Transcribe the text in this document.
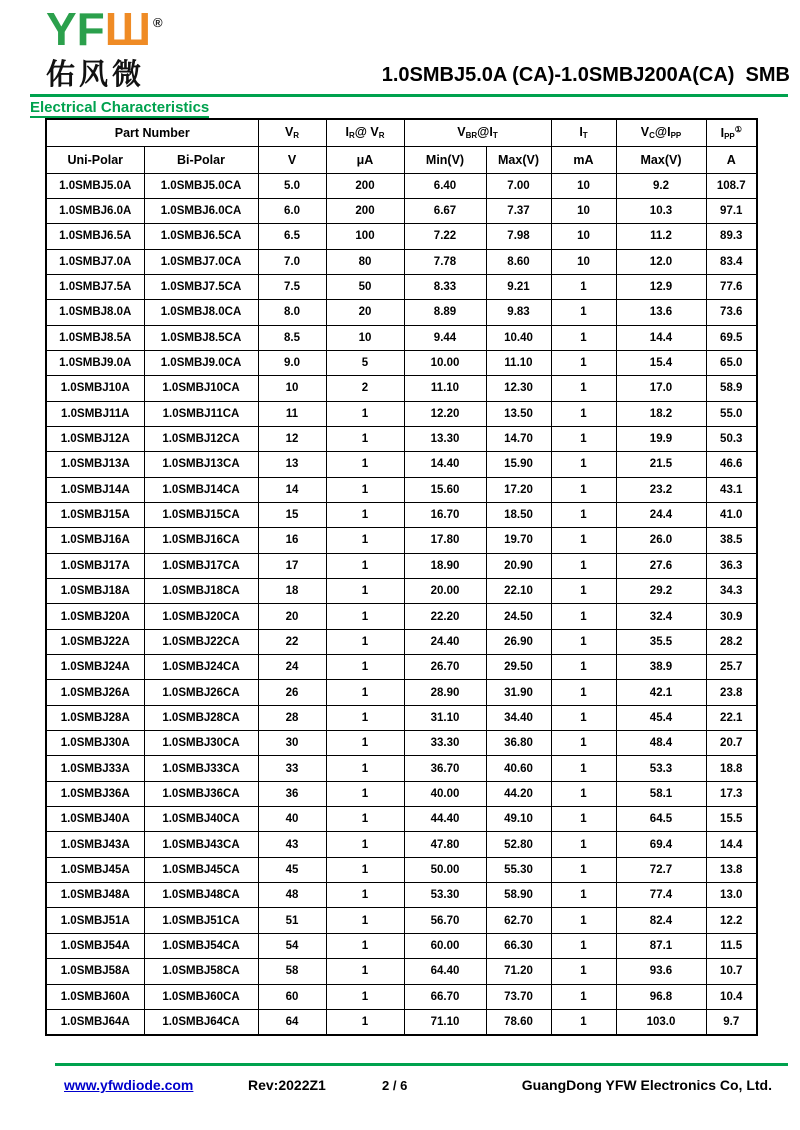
YFШ ®
佑风微	1.0SMBJ5.0A (CA)-1.0SMBJ200A(CA)  SMB
Electrical Characteristics
Part Number		$V_R$	$I_R@$ $V_R$	$V_{BR}@I_T$		$I_T$	$V_C@I_{PP}$	$I_{PP}^①$
Uni-Polar	Bi-Polar	V	μA	Min(V)	Max(V)	mA	Max(V)	A
1.0SMBJ5.0A	1.0SMBJ5.0CA	5.0	200	6.40	7.00	10	9.2	108.7
1.0SMBJ6.0A	1.0SMBJ6.0CA	6.0	200	6.67	7.37	10	10.3	97.1
1.0SMBJ6.5A	1.0SMBJ6.5CA	6.5	100	7.22	7.98	10	11.2	89.3
1.0SMBJ7.0A	1.0SMBJ7.0CA	7.0	80	7.78	8.60	10	12.0	83.4
1.0SMBJ7.5A	1.0SMBJ7.5CA	7.5	50	8.33	9.21	1	12.9	77.6
1.0SMBJ8.0A	1.0SMBJ8.0CA	8.0	20	8.89	9.83	1	13.6	73.6
1.0SMBJ8.5A	1.0SMBJ8.5CA	8.5	10	9.44	10.40	1	14.4	69.5
1.0SMBJ9.0A	1.0SMBJ9.0CA	9.0	5	10.00	11.10	1	15.4	65.0
1.0SMBJ10A	1.0SMBJ10CA	10	2	11.10	12.30	1	17.0	58.9
1.0SMBJ11A	1.0SMBJ11CA	11	1	12.20	13.50	1	18.2	55.0
1.0SMBJ12A	1.0SMBJ12CA	12	1	13.30	14.70	1	19.9	50.3
1.0SMBJ13A	1.0SMBJ13CA	13	1	14.40	15.90	1	21.5	46.6
1.0SMBJ14A	1.0SMBJ14CA	14	1	15.60	17.20	1	23.2	43.1
1.0SMBJ15A	1.0SMBJ15CA	15	1	16.70	18.50	1	24.4	41.0
1.0SMBJ16A	1.0SMBJ16CA	16	1	17.80	19.70	1	26.0	38.5
1.0SMBJ17A	1.0SMBJ17CA	17	1	18.90	20.90	1	27.6	36.3
1.0SMBJ18A	1.0SMBJ18CA	18	1	20.00	22.10	1	29.2	34.3
1.0SMBJ20A	1.0SMBJ20CA	20	1	22.20	24.50	1	32.4	30.9
1.0SMBJ22A	1.0SMBJ22CA	22	1	24.40	26.90	1	35.5	28.2
1.0SMBJ24A	1.0SMBJ24CA	24	1	26.70	29.50	1	38.9	25.7
1.0SMBJ26A	1.0SMBJ26CA	26	1	28.90	31.90	1	42.1	23.8
1.0SMBJ28A	1.0SMBJ28CA	28	1	31.10	34.40	1	45.4	22.1
1.0SMBJ30A	1.0SMBJ30CA	30	1	33.30	36.80	1	48.4	20.7
1.0SMBJ33A	1.0SMBJ33CA	33	1	36.70	40.60	1	53.3	18.8
1.0SMBJ36A	1.0SMBJ36CA	36	1	40.00	44.20	1	58.1	17.3
1.0SMBJ40A	1.0SMBJ40CA	40	1	44.40	49.10	1	64.5	15.5
1.0SMBJ43A	1.0SMBJ43CA	43	1	47.80	52.80	1	69.4	14.4
1.0SMBJ45A	1.0SMBJ45CA	45	1	50.00	55.30	1	72.7	13.8
1.0SMBJ48A	1.0SMBJ48CA	48	1	53.30	58.90	1	77.4	13.0
1.0SMBJ51A	1.0SMBJ51CA	51	1	56.70	62.70	1	82.4	12.2
1.0SMBJ54A	1.0SMBJ54CA	54	1	60.00	66.30	1	87.1	11.5
1.0SMBJ58A	1.0SMBJ58CA	58	1	64.40	71.20	1	93.6	10.7
1.0SMBJ60A	1.0SMBJ60CA	60	1	66.70	73.70	1	96.8	10.4
1.0SMBJ64A	1.0SMBJ64CA	64	1	71.10	78.60	1	103.0	9.7
www.yfwdiode.com	Rev:2022Z1	2 / 6	GuangDong YFW Electronics Co, Ltd.
